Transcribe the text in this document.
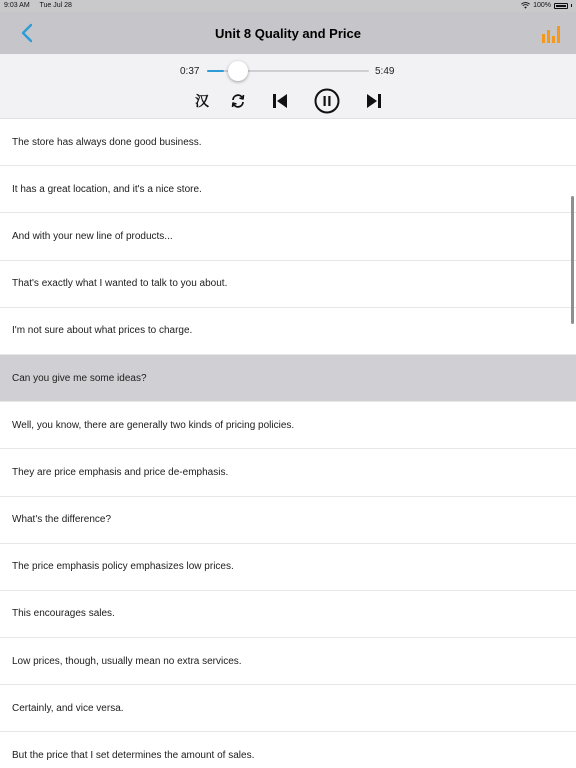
9:03 AM Tue Jul 28	100%
Unit 8 Quality and Price
0:37	5:49
汉
The store has always done good business.
It has a great location, and it's a nice store.
And with your new line of products...
That's exactly what I wanted to talk to you about.
I'm not sure about what prices to charge.
Can you give me some ideas?
Well, you know, there are generally two kinds of pricing policies.
They are price emphasis and price de-emphasis.
What's the difference?
The price emphasis policy emphasizes low prices.
This encourages sales.
Low prices, though, usually mean no extra services.
Certainly, and vice versa.
But the price that I set determines the amount of sales.
